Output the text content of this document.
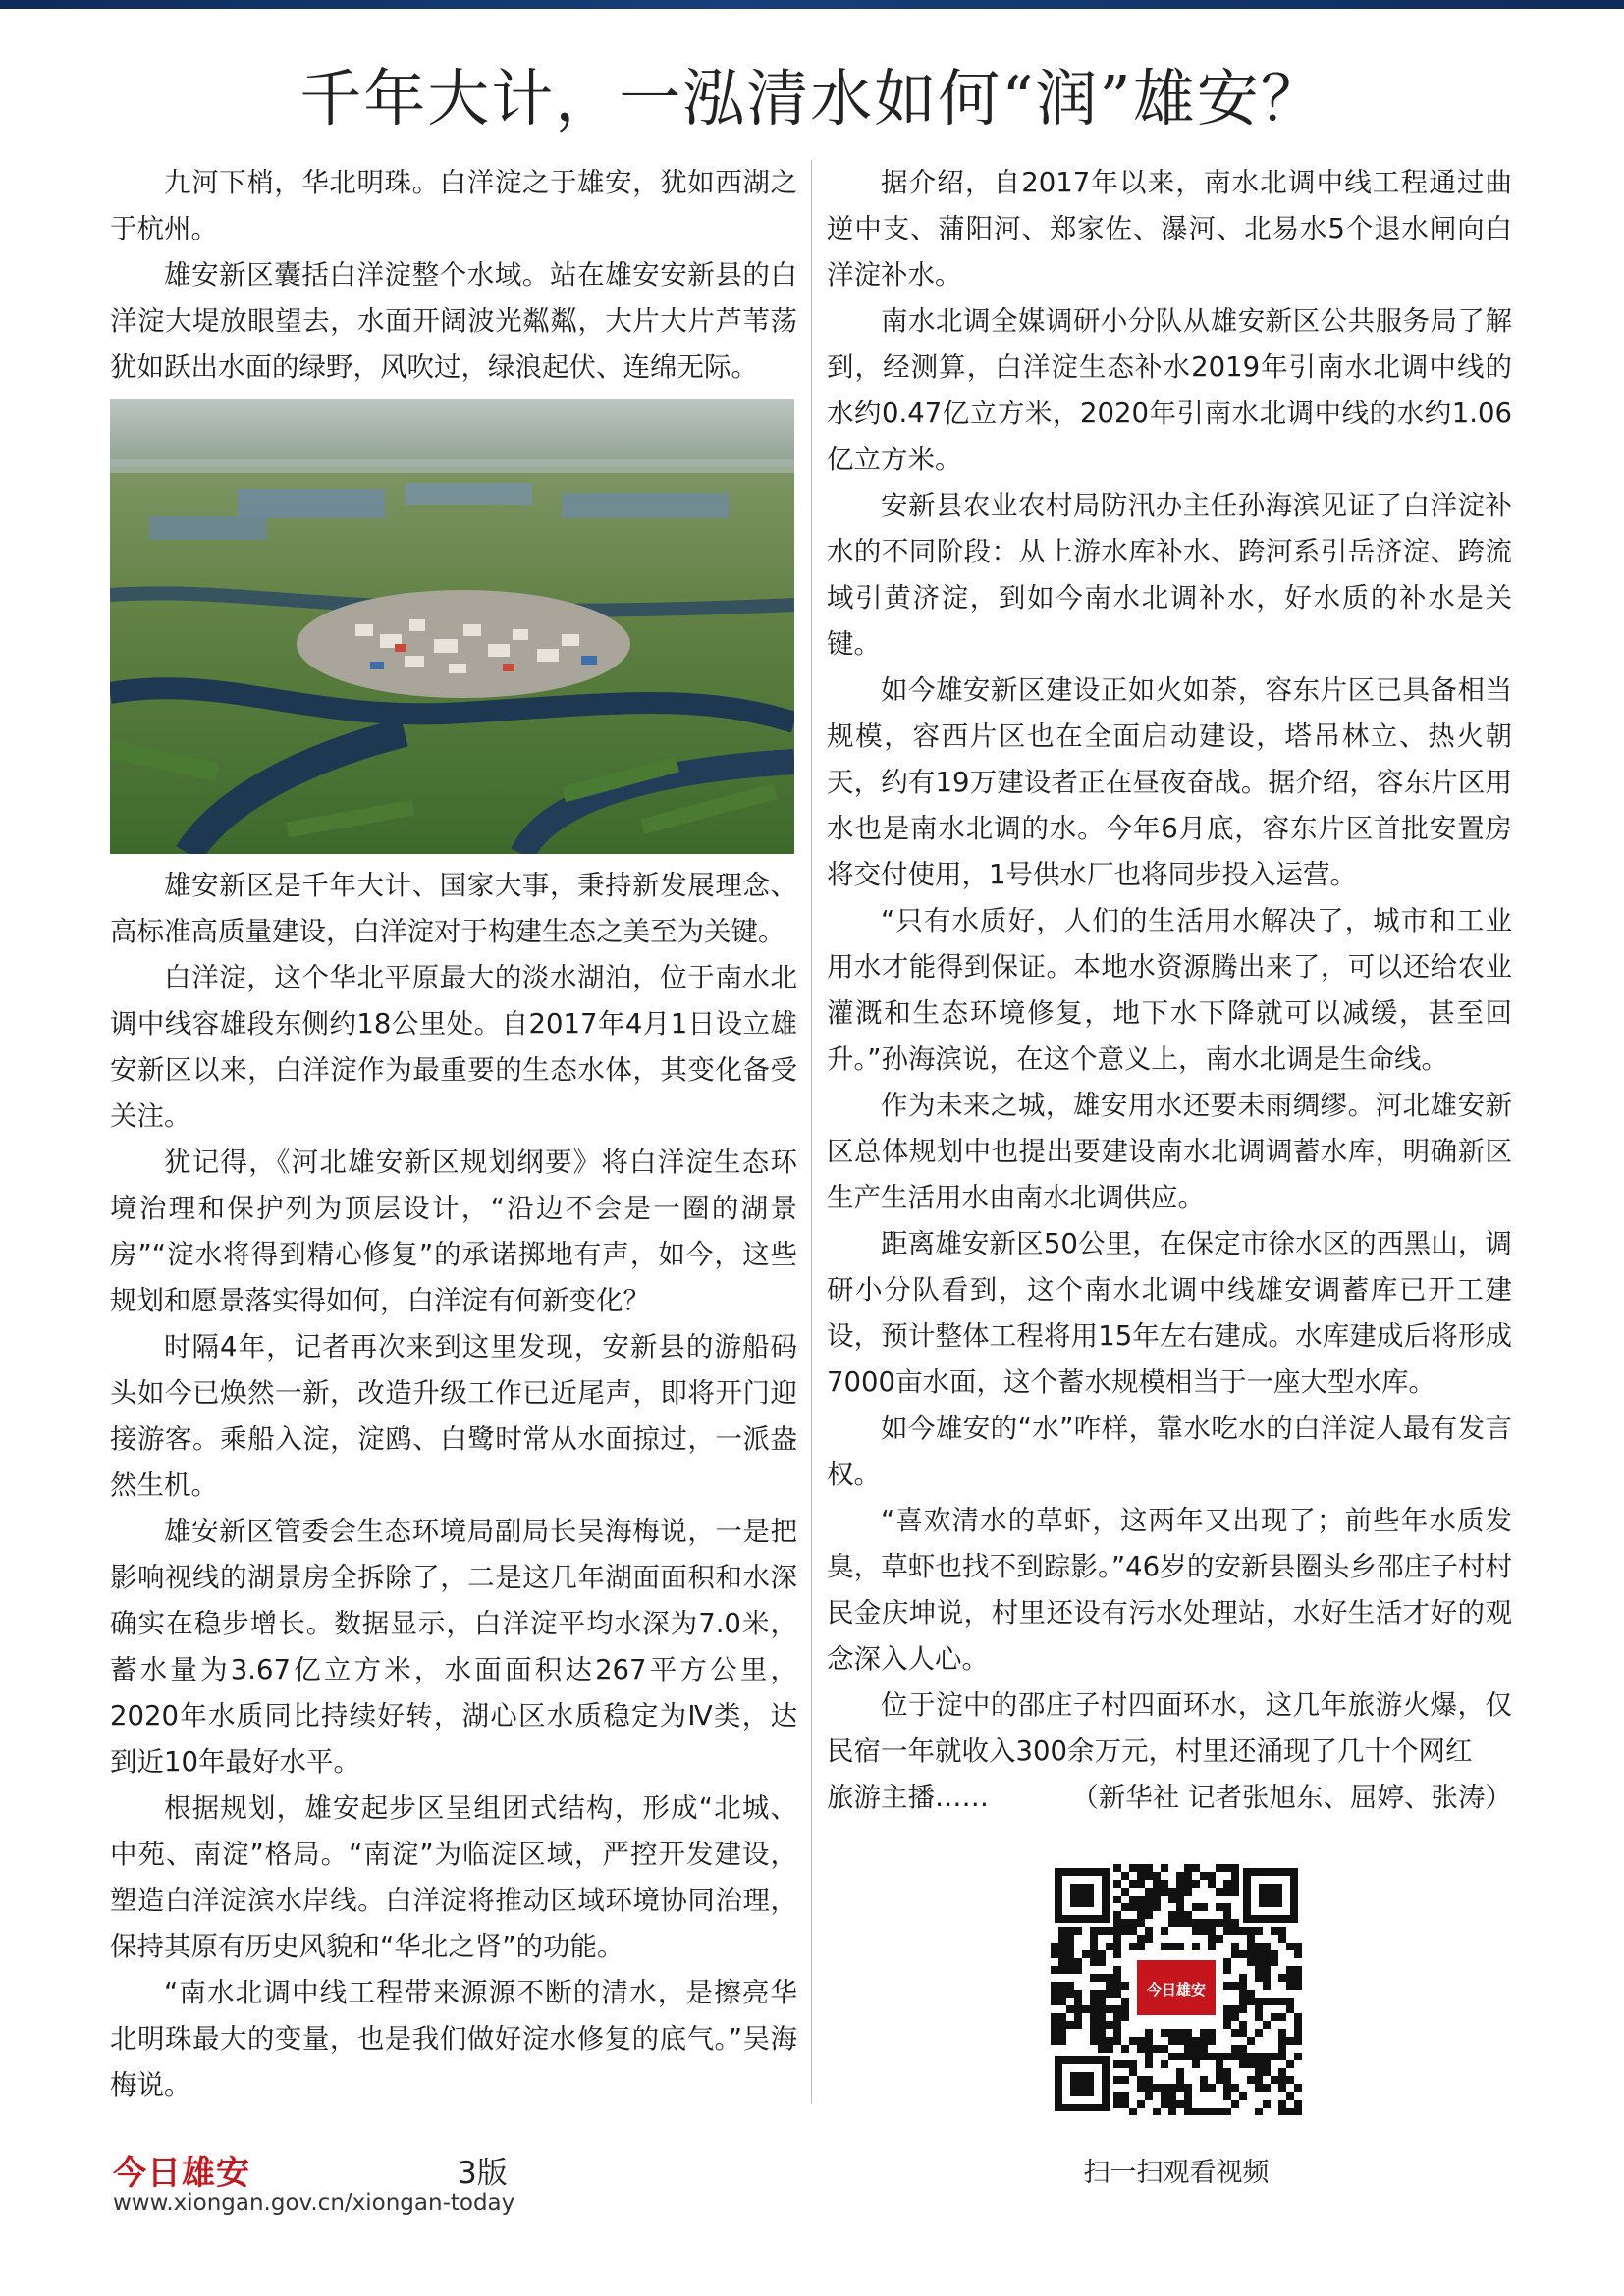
千年大计，一泓清水如何“润”雄安？

九河下梢，华北明珠。白洋淀之于雄安，犹如西湖之于杭州。

雄安新区囊括白洋淀整个水域。站在雄安安新县的白洋淀大堤放眼望去，水面开阔波光粼粼，大片大片芦苇荡犹如跃出水面的绿野，风吹过，绿浪起伏、连绵无际。

雄安新区是千年大计、国家大事，秉持新发展理念、高标准高质量建设，白洋淀对于构建生态之美至为关键。

白洋淀，这个华北平原最大的淡水湖泊，位于南水北调中线容雄段东侧约18公里处。自2017年4月1日设立雄安新区以来，白洋淀作为最重要的生态水体，其变化备受关注。

犹记得，《河北雄安新区规划纲要》将白洋淀生态环境治理和保护列为顶层设计，“沿边不会是一圈的湖景房”“淀水将得到精心修复”的承诺掷地有声，如今，这些规划和愿景落实得如何，白洋淀有何新变化？

时隔4年，记者再次来到这里发现，安新县的游船码头如今已焕然一新，改造升级工作已近尾声，即将开门迎接游客。乘船入淀，淀鸥、白鹭时常从水面掠过，一派盎然生机。

雄安新区管委会生态环境局副局长吴海梅说，一是把影响视线的湖景房全拆除了，二是这几年湖面面积和水深确实在稳步增长。数据显示，白洋淀平均水深为7.0米，蓄水量为3.67亿立方米，水面面积达267平方公里，2020年水质同比持续好转，湖心区水质稳定为Ⅳ类，达到近10年最好水平。

根据规划，雄安起步区呈组团式结构，形成“北城、中苑、南淀”格局。“南淀”为临淀区域，严控开发建设，塑造白洋淀滨水岸线。白洋淀将推动区域环境协同治理，保持其原有历史风貌和“华北之肾”的功能。

“南水北调中线工程带来源源不断的清水，是擦亮华北明珠最大的变量，也是我们做好淀水修复的底气。”吴海梅说。

据介绍，自2017年以来，南水北调中线工程通过曲逆中支、蒲阳河、郑家佐、瀑河、北易水5个退水闸向白洋淀补水。

南水北调全媒调研小分队从雄安新区公共服务局了解到，经测算，白洋淀生态补水2019年引南水北调中线的水约0.47亿立方米，2020年引南水北调中线的水约1.06亿立方米。

安新县农业农村局防汛办主任孙海滨见证了白洋淀补水的不同阶段：从上游水库补水、跨河系引岳济淀、跨流域引黄济淀，到如今南水北调补水，好水质的补水是关键。

如今雄安新区建设正如火如荼，容东片区已具备相当规模，容西片区也在全面启动建设，塔吊林立、热火朝天，约有19万建设者正在昼夜奋战。据介绍，容东片区用水也是南水北调的水。今年6月底，容东片区首批安置房将交付使用，1号供水厂也将同步投入运营。

“只有水质好，人们的生活用水解决了，城市和工业用水才能得到保证。本地水资源腾出来了，可以还给农业灌溉和生态环境修复，地下水下降就可以减缓，甚至回升。”孙海滨说，在这个意义上，南水北调是生命线。

作为未来之城，雄安用水还要未雨绸缪。河北雄安新区总体规划中也提出要建设南水北调调蓄水库，明确新区生产生活用水由南水北调供应。

距离雄安新区50公里，在保定市徐水区的西黑山，调研小分队看到，这个南水北调中线雄安调蓄库已开工建设，预计整体工程将用15年左右建成。水库建成后将形成7000亩水面，这个蓄水规模相当于一座大型水库。

如今雄安的“水”咋样，靠水吃水的白洋淀人最有发言权。

“喜欢清水的草虾，这两年又出现了；前些年水质发臭，草虾也找不到踪影。”46岁的安新县圈头乡邵庄子村村民金庆坤说，村里还设有污水处理站，水好生活才好的观念深入人心。

位于淀中的邵庄子村四面环水，这几年旅游火爆，仅民宿一年就收入300余万元，村里还涌现了几十个网红

旅游主播……	（新华社 记者张旭东、屈婷、张涛）

今日雄安
扫一扫观看视频
今日雄安	3版
www.xiongan.gov.cn/xiongan-today
